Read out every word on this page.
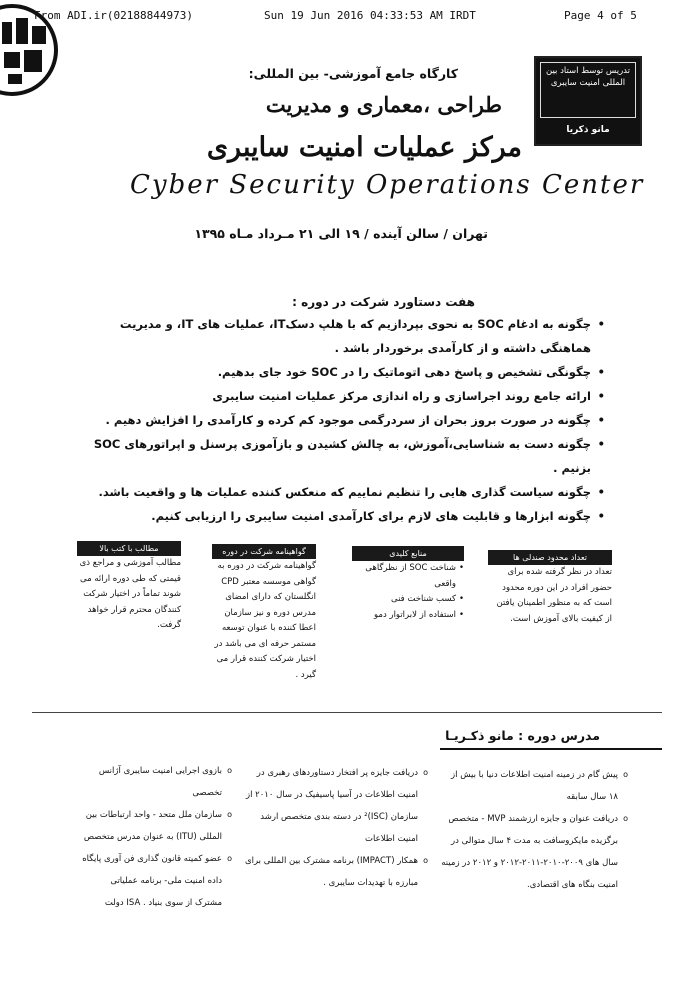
From ADI.ir(02188844973)	Sun 19 Jun 2016 04:33:53 AM IRDT	Page 4 of 5
تدریس توسط استاد بین المللی امنیت سایبری
مانو ذکریا
کارگاه جامع آموزشی- بین المللی:
طراحی ،معماری و مدیریت
مرکز عملیات امنیت سایبری
Cyber Security Operations Center
تهران / سالن آینده / ۱۹ الی ۲۱ مـرداد مـاه ۱۳۹۵
هفت دستاورد شرکت در دوره :
• چگونه به ادغام SOC به نحوی بپردازیم که با هلپ دسکIT، عملیات های IT، و مدیریت هماهنگی داشته و از کارآمدی برخوردار باشد .
• چگونگی تشخیص و پاسخ دهی اتوماتیک را در SOC خود جای بدهیم.
• ارائه جامع روند اجراسازی و راه اندازی مرکز عملیات امنیت سایبری
• چگونه در صورت بروز بحران از سردرگمی موجود کم کرده و کارآمدی را افزایش دهیم .
• چگونه دست به شناسایی،آموزش، به چالش کشیدن و بازآموزی پرسنل و اپراتورهای SOC بزنیم .
• چگونه سیاست گذاری هایی را تنظیم نماییم که منعکس کننده عملیات ها و واقعیت باشد.
• چگونه ابزارها و قابلیت های لازم برای کارآمدی امنیت سایبری را ارزیابی کنیم.
تعداد محدود صندلی ها
تعداد در نظر گرفته شده برای حضور افراد در این دوره محدود است که به منظور اطمینان یافتن از کیفیت بالای آموزش است.
منابع کلیدی
• شناخت SOC از نظرگاهی واقعی
• کسب شناخت فنی
• استفاده از لابراتوار دمو
گواهینامه شرکت در دوره
گواهینامه شرکت در دوره به گواهی موسسه معتبر CPD انگلستان که دارای امضای مدرس دوره و نیز سازمان اعطا کننده با عنوان توسعه مستمر حرفه ای می باشد در اختیار شرکت کننده قرار می گیرد .
مطالب با کتب بالا
مطالب آموزشی و مراجع ذی قیمتی که طی دوره ارائه می شوند تماماً در اختیار شرکت کنندگان محترم قرار خواهد گرفت.
مدرس دوره : مانو ذکـریـا
o پیش گام در زمینه امنیت اطلاعات دنیا با بیش از ۱۸ سال سابقه
o دریافت عنوان و جایزه ارزشمند MVP - متخصص برگزیده مایکروسافت به مدت ۴ سال متوالی در سال های ۲۰۰۹-۲۰۱۰-۲۰۱۱-۲۰۱۲ و ۲۰۱۲ در زمینه امنیت بنگاه های اقتصادی.
o دریافت جایزه پر افتخار دستاوردهای رهبری در امنیت اطلاعات در آسیا پاسیفیک در سال ۲۰۱۰ از سازمان (ISC)² در دسته بندی متخصص ارشد امنیت اطلاعات
o همکار (IMPACT) برنامه مشترک بین المللی برای مبارزه با تهدیدات سایبری .
o بازوی اجرایی امنیت سایبری آژانس تخصصی
o سازمان ملل متحد - واحد ارتباطات بین المللی (ITU) به عنوان مدرس متخصص
o عضو کمیته قانون گذاری فن آوری پایگاه داده امنیت ملی- برنامه عملیاتی مشترک از سوی بنیاد . ISA دولت
